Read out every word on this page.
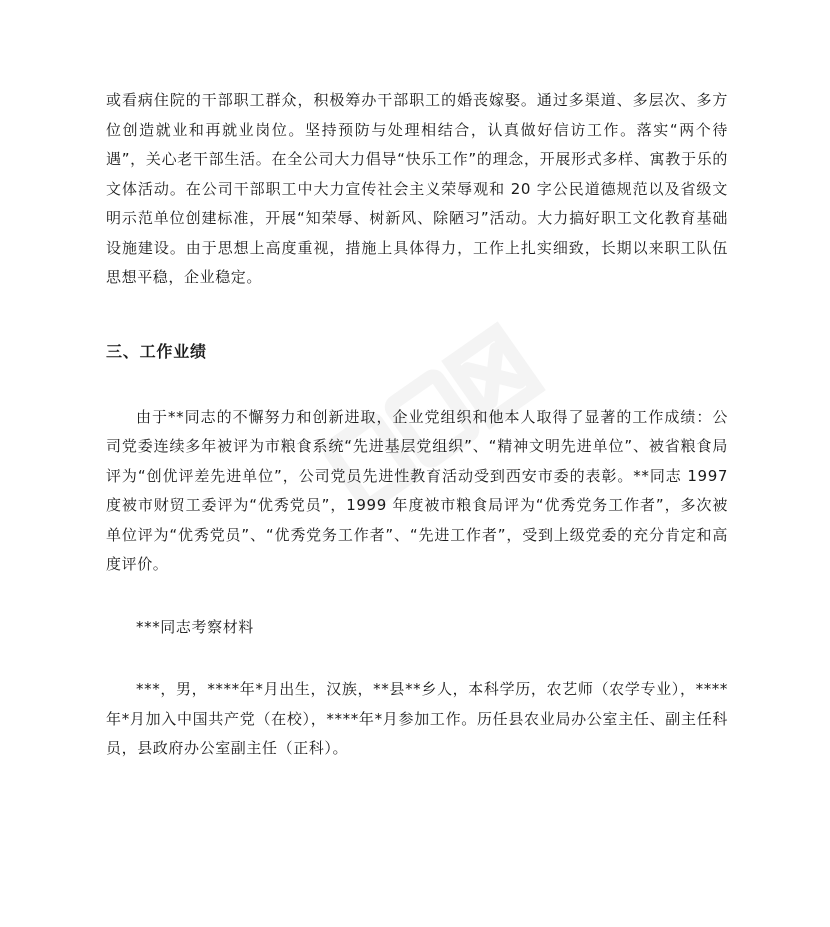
或看病住院的干部职工群众，积极筹办干部职工的婚丧嫁娶。通过多渠道、多层次、多方位创造就业和再就业岗位。坚持预防与处理相结合，认真做好信访工作。落实“两个待遇”，关心老干部生活。在全公司大力倡导“快乐工作”的理念，开展形式多样、寓教于乐的文体活动。在公司干部职工中大力宣传社会主义荣辱观和 20 字公民道德规范以及省级文明示范单位创建标准，开展“知荣辱、树新风、除陋习”活动。大力搞好职工文化教育基础设施建设。由于思想上高度重视，措施上具体得力，工作上扎实细致，长期以来职工队伍思想平稳，企业稳定。

三、工作业绩

由于**同志的不懈努力和创新进取，企业党组织和他本人取得了显著的工作成绩：公司党委连续多年被评为市粮食系统“先进基层党组织”、“精神文明先进单位”、被省粮食局评为“创优评差先进单位”，公司党员先进性教育活动受到西安市委的表彰。**同志 1997 度被市财贸工委评为“优秀党员”，1999 年度被市粮食局评为“优秀党务工作者”，多次被单位评为“优秀党员”、“优秀党务工作者”、“先进工作者”，受到上级党委的充分肯定和高度评价。

***同志考察材料

***，男，****年*月出生，汉族，**县**乡人，本科学历，农艺师（农学专业），****年*月加入中国共产党（在校），****年*月参加工作。历任县农业局办公室主任、副主任科员，县政府办公室副主任（正科）。
